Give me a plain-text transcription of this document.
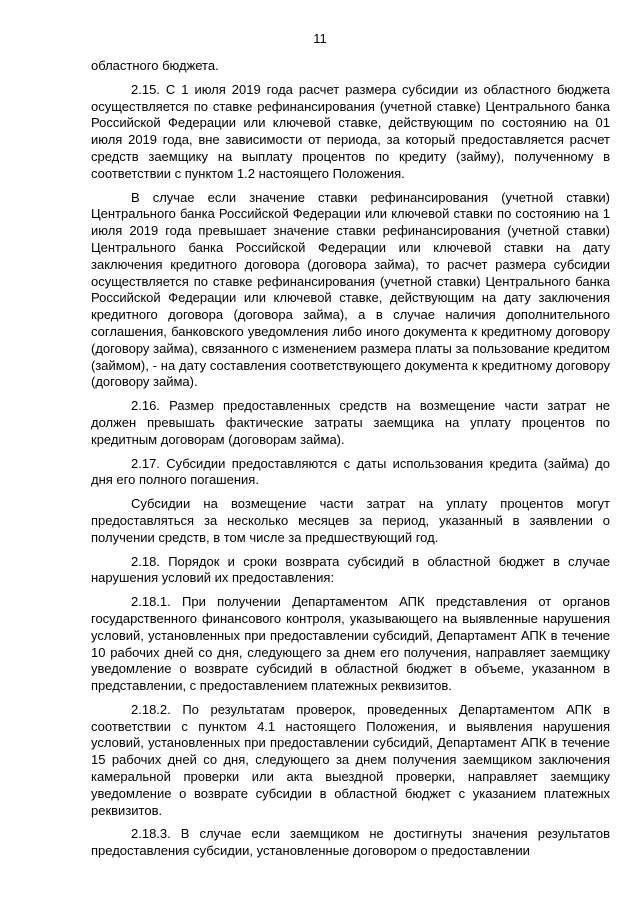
11

областного бюджета.

2.15. С 1 июля 2019 года расчет размера субсидии из областного бюджета осуществляется по ставке рефинансирования (учетной ставке) Центрального банка Российской Федерации или ключевой ставке, действующим по состоянию на 01 июля 2019 года, вне зависимости от периода, за который предоставляется расчет средств заемщику на выплату процентов по кредиту (займу), полученному в соответствии с пунктом 1.2 настоящего Положения.

В случае если значение ставки рефинансирования (учетной ставки) Центрального банка Российской Федерации или ключевой ставки по состоянию на 1 июля 2019 года превышает значение ставки рефинансирования (учетной ставки) Центрального банка Российской Федерации или ключевой ставки на дату заключения кредитного договора (договора займа), то расчет размера субсидии осуществляется по ставке рефинансирования (учетной ставки) Центрального банка Российской Федерации или ключевой ставке, действующим на дату заключения кредитного договора (договора займа), а в случае наличия дополнительного соглашения, банковского уведомления либо иного документа к кредитному договору (договору займа), связанного с изменением размера платы за пользование кредитом (займом), - на дату составления соответствующего документа к кредитному договору (договору займа).

2.16. Размер предоставленных средств на возмещение части затрат не должен превышать фактические затраты заемщика на уплату процентов по кредитным договорам (договорам займа).

2.17. Субсидии предоставляются с даты использования кредита (займа) до дня его полного погашения.

Субсидии на возмещение части затрат на уплату процентов могут предоставляться за несколько месяцев за период, указанный в заявлении о получении средств, в том числе за предшествующий год.

2.18. Порядок и сроки возврата субсидий в областной бюджет в случае нарушения условий их предоставления:

2.18.1. При получении Департаментом АПК представления от органов государственного финансового контроля, указывающего на выявленные нарушения условий, установленных при предоставлении субсидий, Департамент АПК в течение 10 рабочих дней со дня, следующего за днем его получения, направляет заемщику уведомление о возврате субсидий в областной бюджет в объеме, указанном в представлении, с предоставлением платежных реквизитов.

2.18.2. По результатам проверок, проведенных Департаментом АПК в соответствии с пунктом 4.1 настоящего Положения, и выявления нарушения условий, установленных при предоставлении субсидий, Департамент АПК в течение 15 рабочих дней со дня, следующего за днем получения заемщиком заключения камеральной проверки или акта выездной проверки, направляет заемщику уведомление о возврате субсидии в областной бюджет с указанием платежных реквизитов.

2.18.3. В случае если заемщиком не достигнуты значения результатов предоставления субсидии, установленные договором о предоставлении
